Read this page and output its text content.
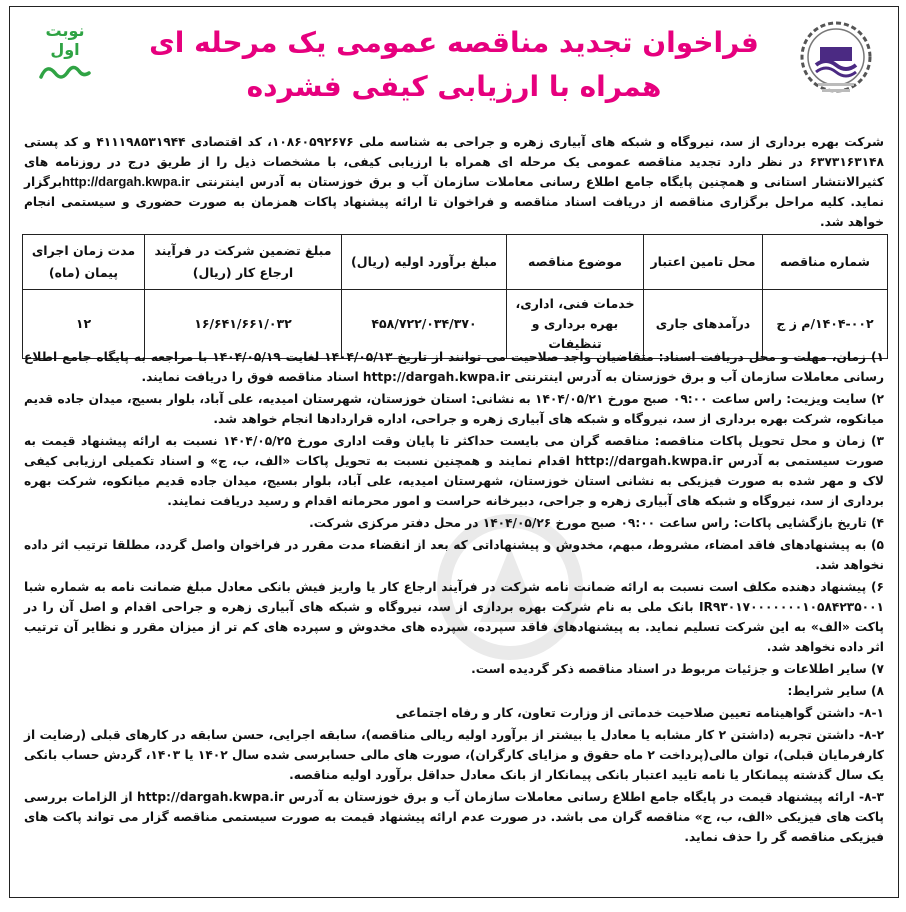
نوبت اول	فراخوان تجدید مناقصه عمومی یک مرحله ای
همراه با ارزیابی کیفی فشرده
شرکت بهره برداری از سد، نیروگاه و شبکه های آبیاری زهره و جراحی به شناسه ملی ۱۰۸۶۰۵۹۲۶۷۶، کد اقتصادی ۴۱۱۱۹۸۵۳۱۹۴۴ و کد پستی ۶۳۷۳۱۶۳۱۴۸ در نظر دارد تجدید مناقصه عمومی یک مرحله ای همراه با ارزیابی کیفی، با مشخصات ذیل را از طریق درج در روزنامه های کثیرالانتشار استانی و همچنین پایگاه جامع اطلاع رسانی معاملات سازمان آب و برق خوزستان به آدرس اینترنتی http://dargah.kwpa.irبرگزار نماید. کلیه مراحل برگزاری مناقصه از دریافت اسناد مناقصه و فراخوان تا ارائه پیشنهاد پاکات همزمان به صورت حضوری و سیستمی انجام خواهد شد.
شماره مناقصه	محل تامین اعتبار	موضوع مناقصه	مبلغ برآورد اولیه (ریال)	مبلغ تضمین شرکت در فرآیند ارجاع کار (ریال)	مدت زمان اجرای پیمان (ماه)
۱۴۰۴-۰۰۲/م ز ج	درآمدهای جاری	خدمات فنی، اداری، بهره برداری و تنظیفات	۴۵۸/۷۲۲/۰۳۴/۳۷۰	۱۶/۶۴۱/۶۶۱/۰۳۲	۱۲

۱) زمان، مهلت و محل دریافت اسناد: متقاضیان واجد صلاحیت می توانند از تاریخ ۱۴۰۴/۰۵/۱۳ لغایت ۱۴۰۴/۰۵/۱۹ با مراجعه به پایگاه جامع اطلاع رسانی معاملات سازمان آب و برق خوزستان به آدرس اینترنتی http://dargah.kwpa.ir اسناد مناقصه فوق را دریافت نمایند.

۲) سایت ویزیت: راس ساعت ۰۹:۰۰ صبح مورخ ۱۴۰۴/۰۵/۲۱ به نشانی: استان خوزستان، شهرستان امیدیه، علی آباد، بلوار بسیج، میدان جاده قدیم میانکوه، شرکت بهره برداری از سد، نیروگاه و شبکه های آبیاری زهره و جراحی، اداره قراردادها انجام خواهد شد.

۳) زمان و محل تحویل پاکات مناقصه: مناقصه گران می بایست حداکثر تا پایان وقت اداری مورخ ۱۴۰۴/۰۵/۲۵ نسبت به ارائه پیشنهاد قیمت به صورت سیستمی به آدرس http://dargah.kwpa.ir اقدام نمایند و همچنین نسبت به تحویل پاکات «الف، ب، ج» و اسناد تکمیلی ارزیابی کیفی لاک و مهر شده به صورت فیزیکی به نشانی استان خوزستان، شهرستان امیدیه، علی آباد، بلوار بسیج، میدان جاده قدیم میانکوه، شرکت بهره برداری از سد، نیروگاه و شبکه های آبیاری زهره و جراحی، دبیرخانه حراست و امور محرمانه اقدام و رسید دریافت نمایند.

۴) تاریخ بازگشایی پاکات: راس ساعت ۰۹:۰۰ صبح مورخ ۱۴۰۴/۰۵/۲۶ در محل دفتر مرکزی شرکت.

۵) به پیشنهادهای فاقد امضاء، مشروط، مبهم، مخدوش و پیشنهاداتی که بعد از انقضاء مدت مقرر در فراخوان واصل گردد، مطلقا ترتیب اثر داده نخواهد شد.

۶) پیشنهاد دهنده مکلف است نسبت به ارائه ضمانت نامه شرکت در فرآیند ارجاع کار یا واریز فیش بانکی معادل مبلغ ضمانت نامه به شماره شبا IR۹۳۰۱۷۰۰۰۰۰۰۰۱۰۵۸۴۲۳۵۰۰۱ بانک ملی به نام شرکت بهره برداری از سد، نیروگاه و شبکه های آبیاری زهره و جراحی اقدام و اصل آن را در پاکت «الف» به این شرکت تسلیم نماید. به پیشنهادهای فاقد سپرده، سپرده های مخدوش و سپرده های کم تر از میزان مقرر و نظایر آن ترتیب اثر داده نخواهد شد.

۷) سایر اطلاعات و جزئیات مربوط در اسناد مناقصه ذکر گردیده است.

۸) سایر شرایط:

۸-۱- داشتن گواهینامه تعیین صلاحیت خدماتی از وزارت تعاون، کار و رفاه اجتماعی

۸-۲- داشتن تجربه (داشتن ۲ کار مشابه یا معادل یا بیشتر از برآورد اولیه ریالی مناقصه)، سابقه اجرایی، حسن سابقه در کارهای قبلی (رضایت از کارفرمایان قبلی)، توان مالی(پرداخت ۲ ماه حقوق و مزایای کارگران)، صورت های مالی حسابرسی شده سال ۱۴۰۲ یا ۱۴۰۳، گردش حساب بانکی یک سال گذشته پیمانکار یا نامه تایید اعتبار بانکی پیمانکار از بانک معادل حداقل برآورد اولیه مناقصه.

۸-۳- ارائه پیشنهاد قیمت در پایگاه جامع اطلاع رسانی معاملات سازمان آب و برق خوزستان به آدرس http://dargah.kwpa.ir از الزامات بررسی پاکت های فیزیکی «الف، ب، ج» مناقصه گران می باشد. در صورت عدم ارائه پیشنهاد قیمت به صورت سیستمی مناقصه گزار می تواند پاکت های فیزیکی مناقصه گر را حذف نماید.
